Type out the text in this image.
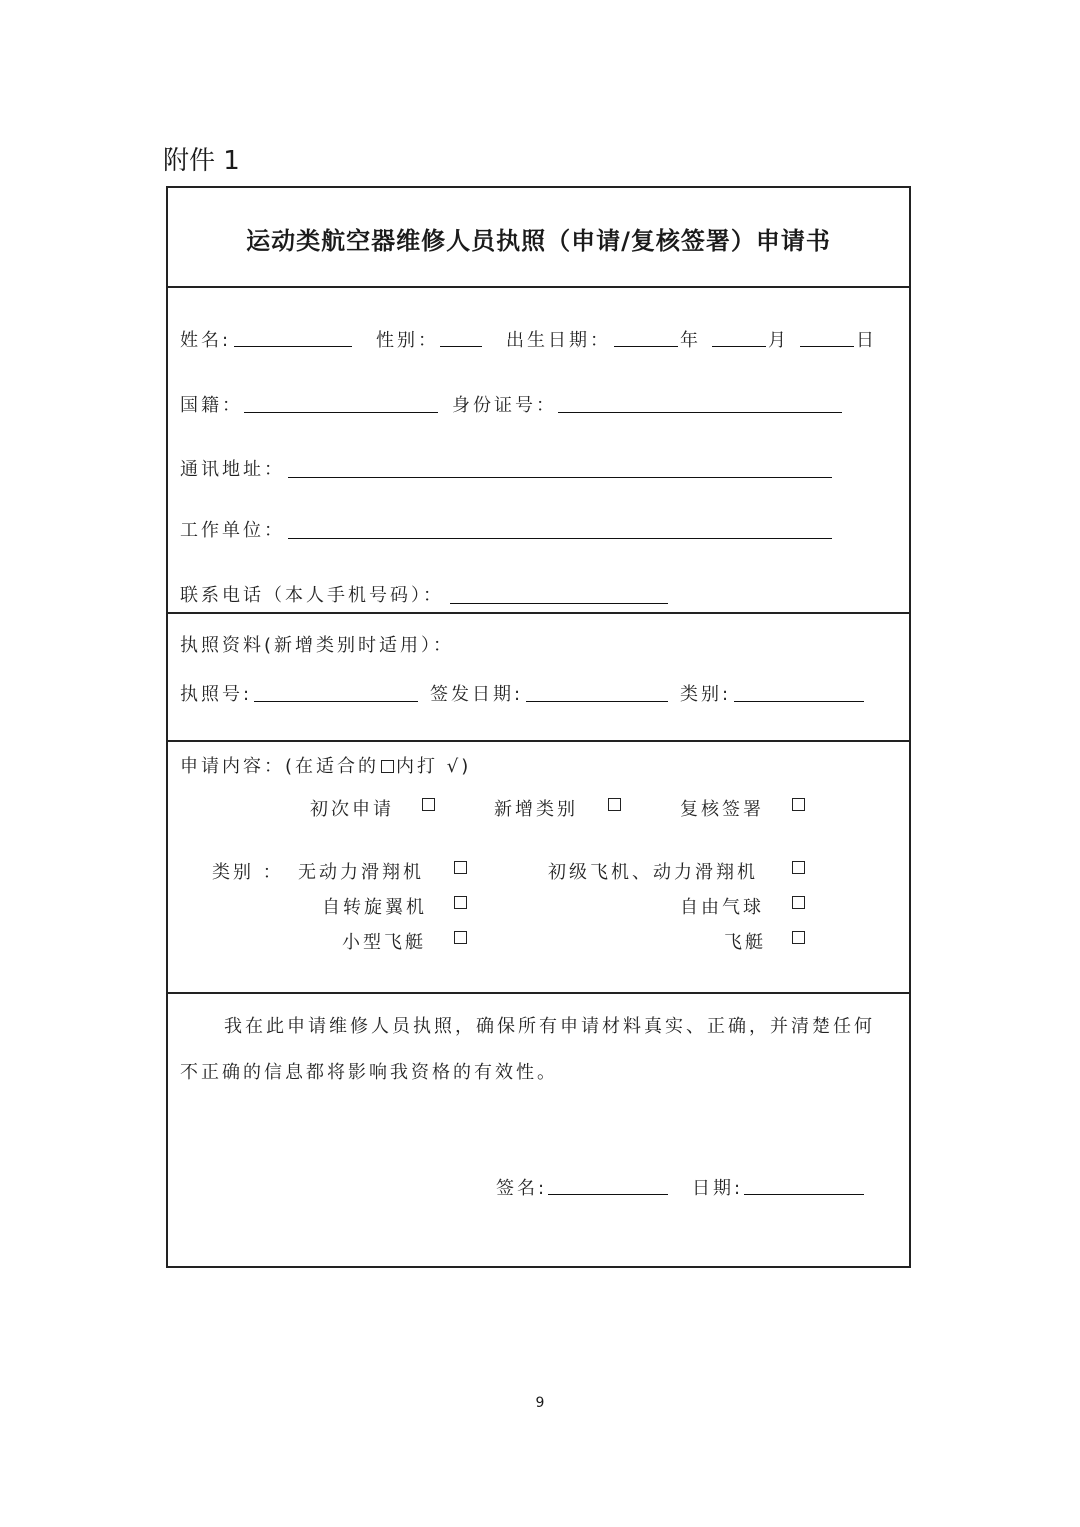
附件 1
运动类航空器维修人员执照（申请/复核签署）申请书
姓名:	性别：	出生日期：	年	月	日
国籍：	身份证号：
通讯地址：
工作单位：
联系电话（本人手机号码）：
执照资料(新增类别时适用）：
执照号:	签发日期:	类别:
申请内容：(在适合的 内打 √)
初次申请	新增类别	复核签署
类别 ： 无动力滑翔机	初级飞机、动力滑翔机
自转旋翼机	自由气球
小型飞艇	飞艇
我在此申请维修人员执照，确保所有申请材料真实、正确，并清楚任何
不正确的信息都将影响我资格的有效性。
签名:	日期:
9
